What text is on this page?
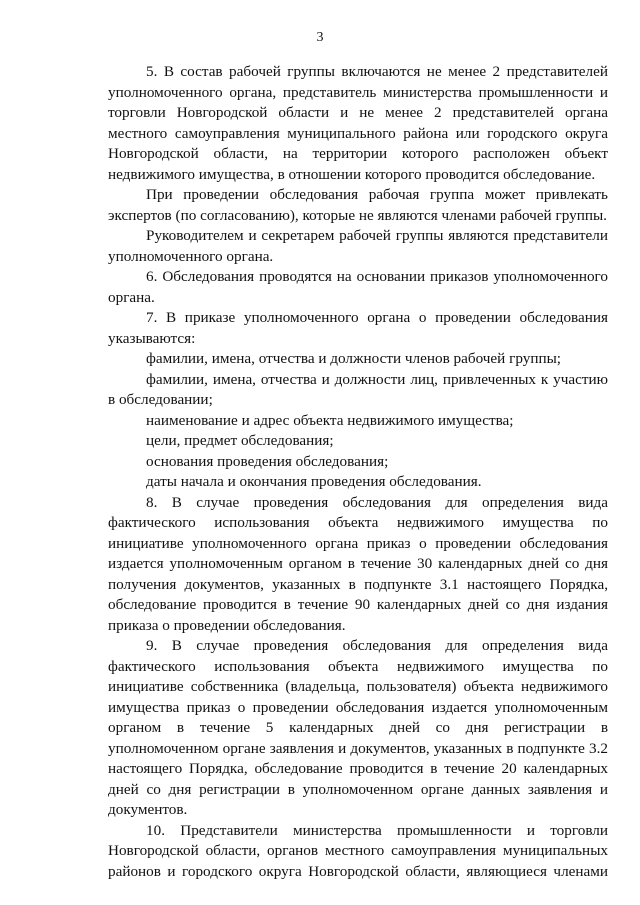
3

5. В состав рабочей группы включаются не менее 2 представителей уполномоченного органа, представитель министерства промышленности и торговли Новгородской области и не менее 2 представителей органа местного самоуправления муниципального района или городского округа Новгородской области, на территории которого расположен объект недвижимого имущества, в отношении которого проводится обследование.

При проведении обследования рабочая группа может привлекать экспертов (по согласованию), которые не являются членами рабочей группы.

Руководителем и секретарем рабочей группы являются представители уполномоченного органа.

6. Обследования проводятся на основании приказов уполномоченного органа.

7. В приказе уполномоченного органа о проведении обследования указываются:

фамилии, имена, отчества и должности членов рабочей группы;

фамилии, имена, отчества и должности лиц, привлеченных к участию в обследовании;

наименование и адрес объекта недвижимого имущества;

цели, предмет обследования;

основания проведения обследования;

даты начала и окончания проведения обследования.

8. В случае проведения обследования для определения вида фактического использования объекта недвижимого имущества по инициативе уполномоченного органа приказ о проведении обследования издается уполномоченным органом в течение 30 календарных дней со дня получения документов, указанных в подпункте 3.1 настоящего Порядка, обследование проводится в течение 90 календарных дней со дня издания приказа о проведении обследования.

9. В случае проведения обследования для определения вида фактического использования объекта недвижимого имущества по инициативе собственника (владельца, пользователя) объекта недвижимого имущества приказ о проведении обследования издается уполномоченным органом в течение 5 календарных дней со дня регистрации в уполномоченном органе заявления и документов, указанных в подпункте 3.2 настоящего Порядка, обследование проводится в течение 20 календарных дней со дня регистрации в уполномоченном органе данных заявления и документов.

10. Представители министерства промышленности и торговли Новгородской области, органов местного самоуправления муниципальных районов и городского округа Новгородской области, являющиеся членами
